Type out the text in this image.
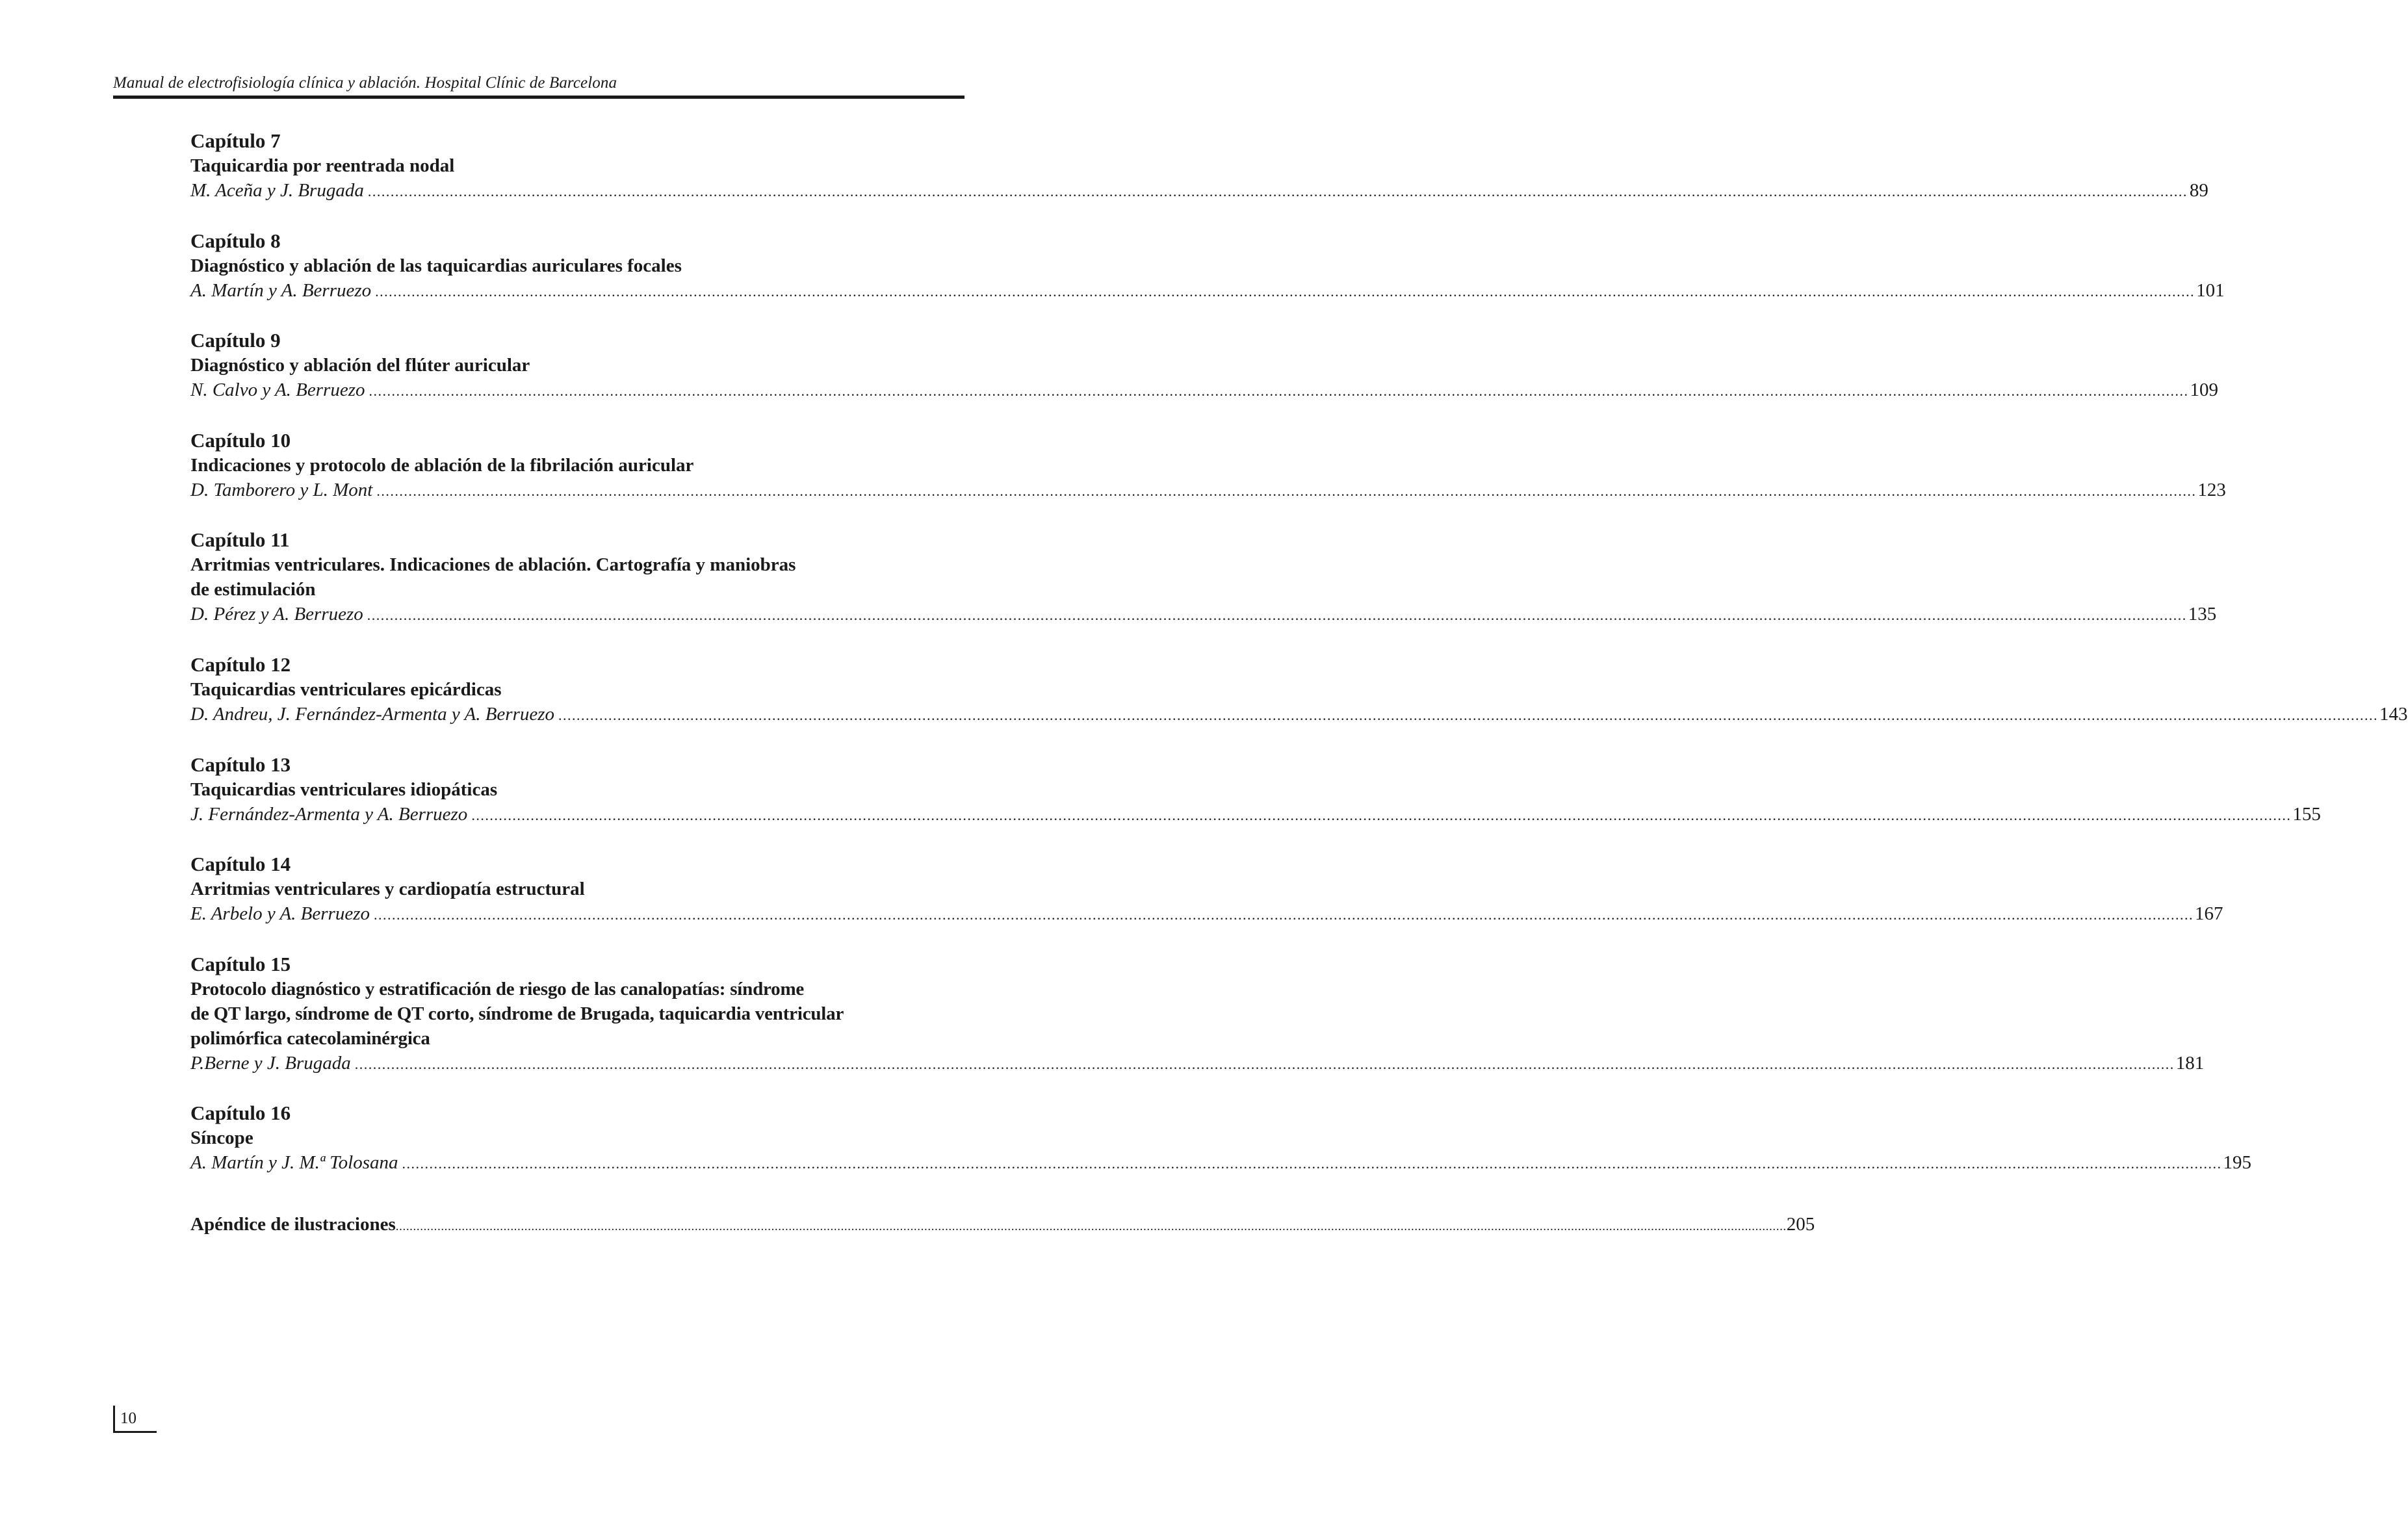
Manual de electrofisiología clínica y ablación. Hospital Clínic de Barcelona
Capítulo 7
Taquicardia por reentrada nodal
M. Aceña y J. Brugada ................................................................................................................................................................................................................................................................................................................................................................................................................ 89
Capítulo 8
Diagnóstico y ablación de las taquicardias auriculares focales
A. Martín y A. Berruezo ................................................................................................................................................................................................................................................................................................................................................................................................................ 101
Capítulo 9
Diagnóstico y ablación del flúter auricular
N. Calvo y A. Berruezo ................................................................................................................................................................................................................................................................................................................................................................................................................ 109
Capítulo 10
Indicaciones y protocolo de ablación de la fibrilación auricular
D. Tamborero y L. Mont ................................................................................................................................................................................................................................................................................................................................................................................................................ 123
Capítulo 11
Arritmias ventriculares. Indicaciones de ablación. Cartografía y maniobras
de estimulación
D. Pérez y A. Berruezo ................................................................................................................................................................................................................................................................................................................................................................................................................ 135
Capítulo 12
Taquicardias ventriculares epicárdicas
D. Andreu, J. Fernández-Armenta y A. Berruezo ................................................................................................................................................................................................................................................................................................................................................................................................................ 143
Capítulo 13
Taquicardias ventriculares idiopáticas
J. Fernández-Armenta y A. Berruezo ................................................................................................................................................................................................................................................................................................................................................................................................................ 155
Capítulo 14
Arritmias ventriculares y cardiopatía estructural
E. Arbelo y A. Berruezo ................................................................................................................................................................................................................................................................................................................................................................................................................ 167
Capítulo 15
Protocolo diagnóstico y estratificación de riesgo de las canalopatías: síndrome
de QT largo, síndrome de QT corto, síndrome de Brugada, taquicardia ventricular
polimórfica catecolaminérgica
P.Berne y J. Brugada ................................................................................................................................................................................................................................................................................................................................................................................................................ 181
Capítulo 16
Síncope
A. Martín y J. M.ª Tolosana ................................................................................................................................................................................................................................................................................................................................................................................................................ 195
Apéndice de ilustraciones ................................................................................................................................................................................................................................................................................................................................................................................................................ 205
10
